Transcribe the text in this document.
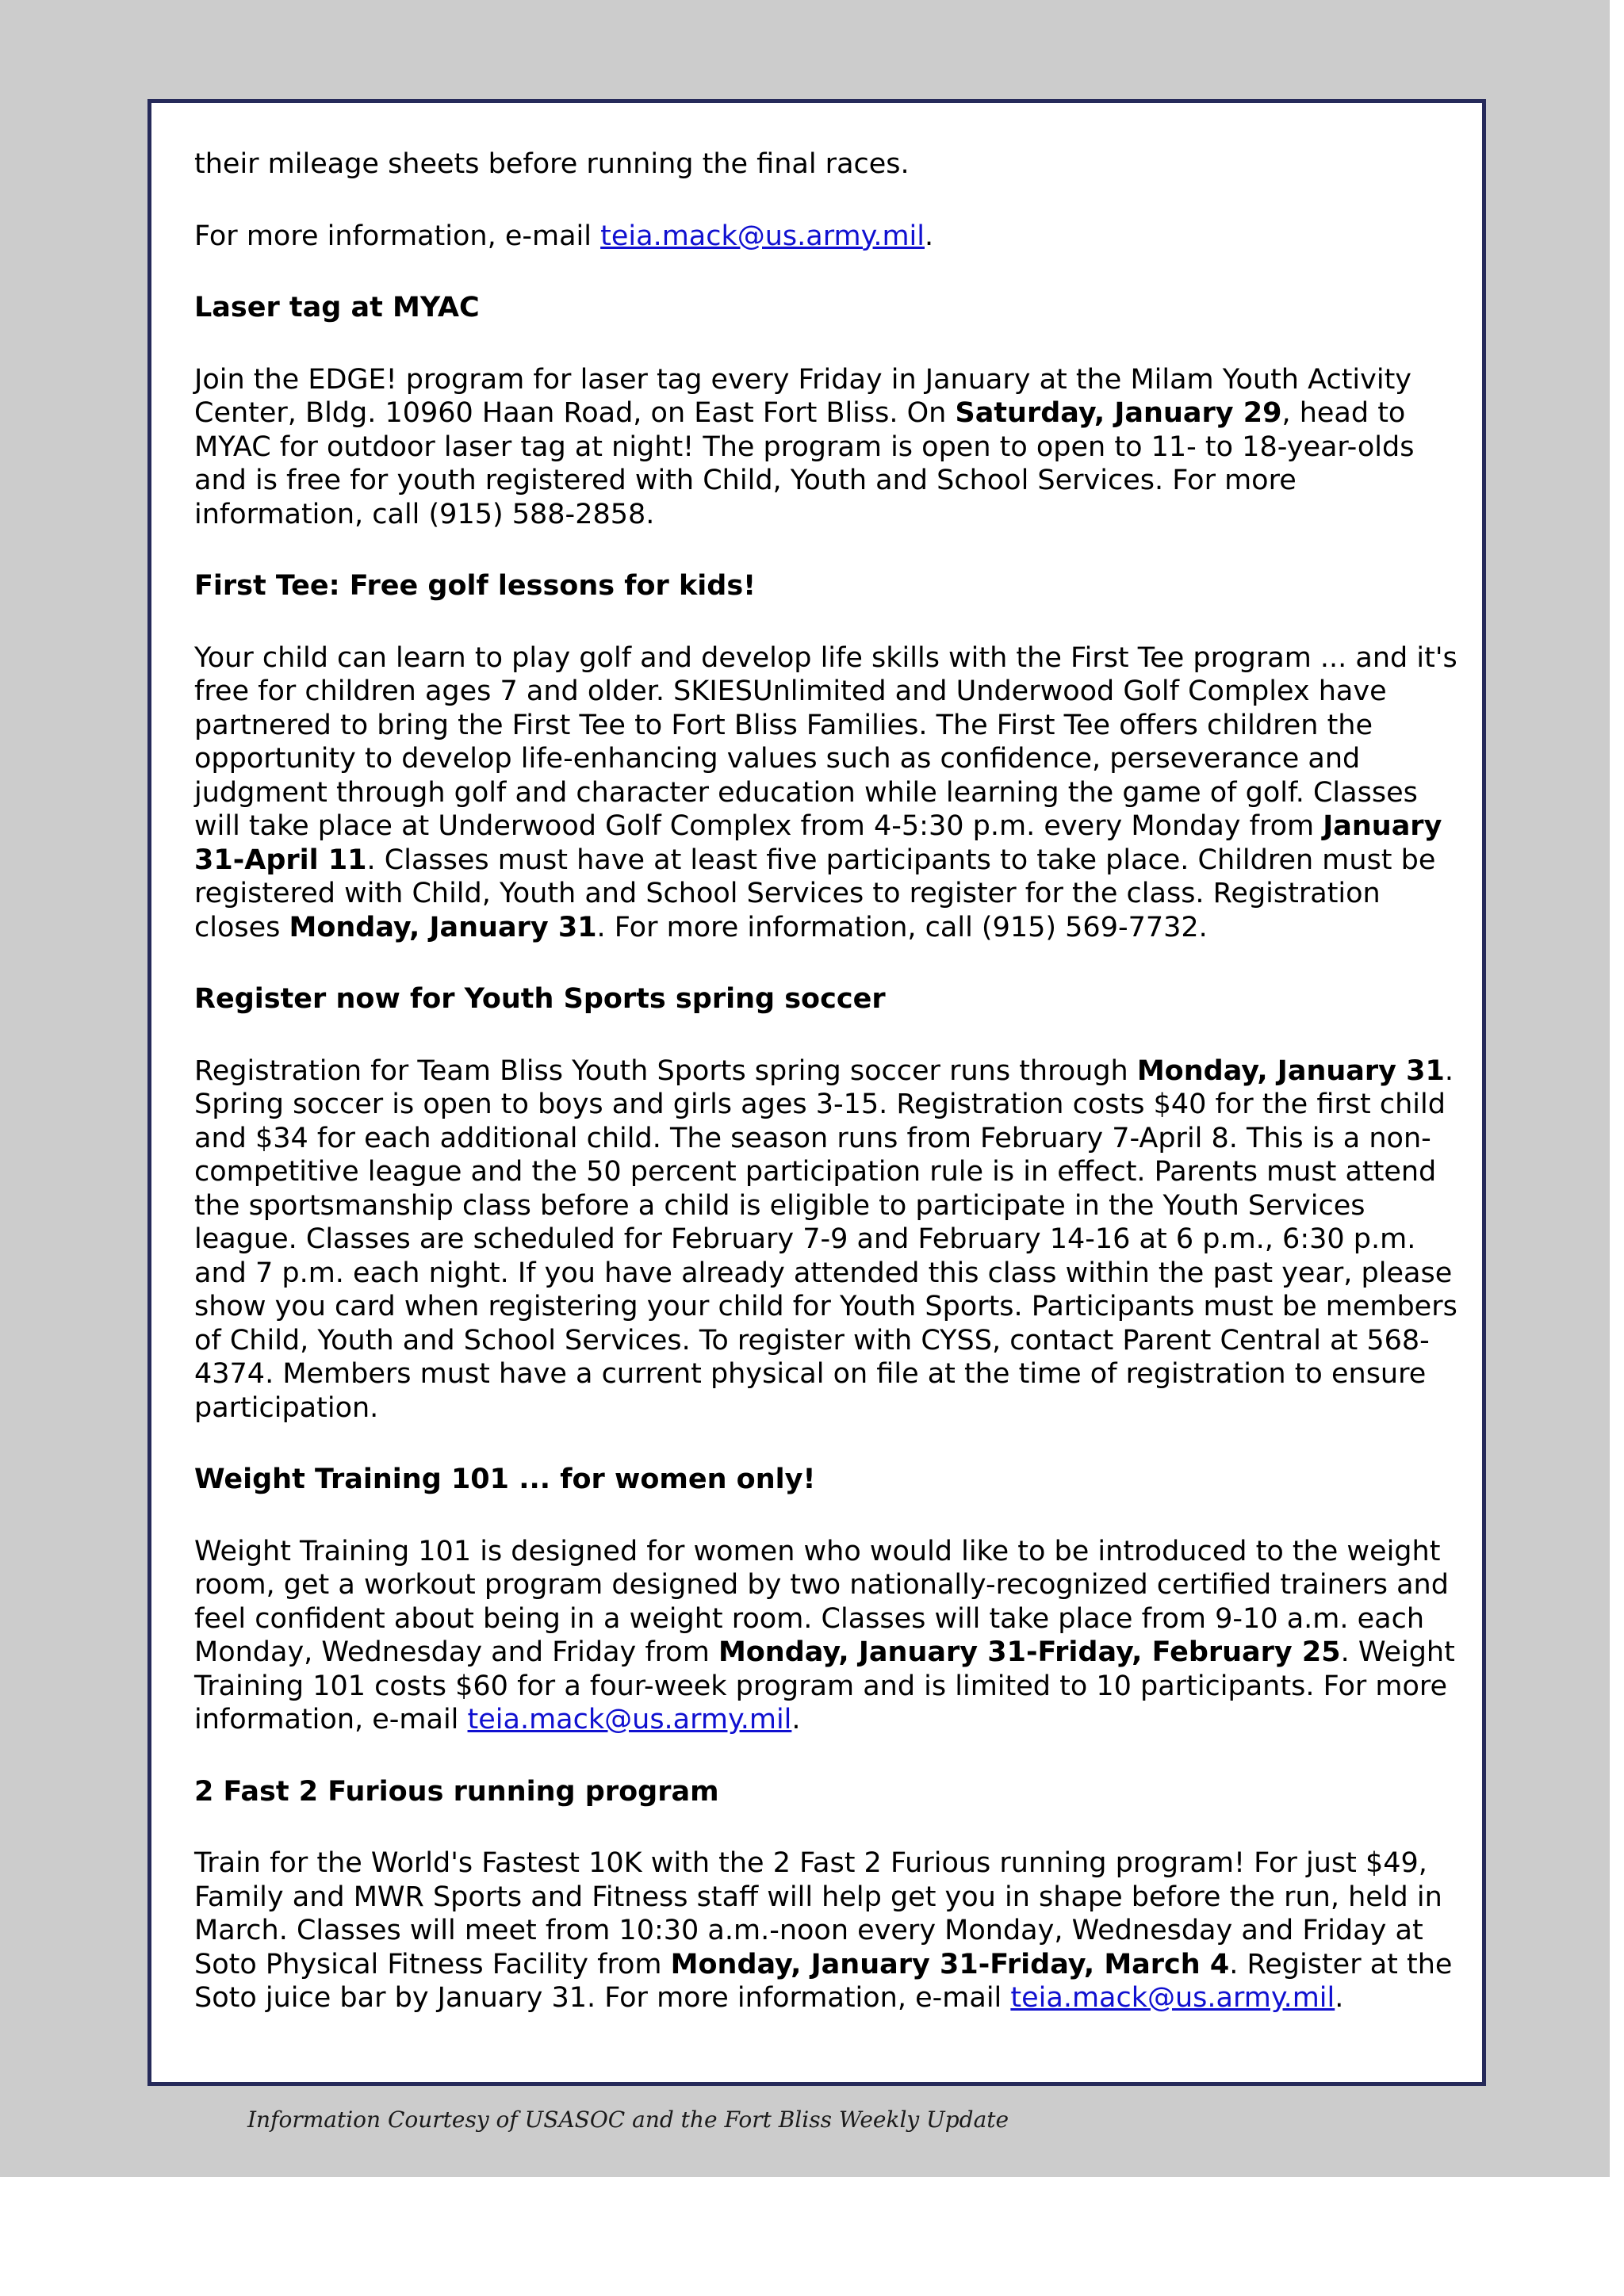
their mileage sheets before running the final races.

For more information, e-mail teia.mack@us.army.mil.

Laser tag at MYAC

Join the EDGE! program for laser tag every Friday in January at the Milam Youth Activity Center, Bldg. 10960 Haan Road, on East Fort Bliss. On Saturday, January 29, head to MYAC for outdoor laser tag at night! The program is open to open to 11- to 18-year-olds and is free for youth registered with Child, Youth and School Services. For more information, call (915) 588-2858.

First Tee: Free golf lessons for kids!

Your child can learn to play golf and develop life skills with the First Tee program ... and it's free for children ages 7 and older. SKIESUnlimited and Underwood Golf Complex have partnered to bring the First Tee to Fort Bliss Families. The First Tee offers children the opportunity to develop life-enhancing values such as confidence, perseverance and judgment through golf and character education while learning the game of golf. Classes will take place at Underwood Golf Complex from 4-5:30 p.m. every Monday from January 31-April 11. Classes must have at least five participants to take place. Children must be registered with Child, Youth and School Services to register for the class. Registration closes Monday, January 31. For more information, call (915) 569-7732.

Register now for Youth Sports spring soccer

Registration for Team Bliss Youth Sports spring soccer runs through Monday, January 31. Spring soccer is open to boys and girls ages 3-15. Registration costs $40 for the first child and $34 for each additional child. The season runs from February 7-April 8. This is a non-competitive league and the 50 percent participation rule is in effect. Parents must attend the sportsmanship class before a child is eligible to participate in the Youth Services league. Classes are scheduled for February 7-9 and February 14-16 at 6 p.m., 6:30 p.m. and 7 p.m. each night. If you have already attended this class within the past year, please show you card when registering your child for Youth Sports. Participants must be members of Child, Youth and School Services. To register with CYSS, contact Parent Central at 568-4374. Members must have a current physical on file at the time of registration to ensure participation.

Weight Training 101 ... for women only!

Weight Training 101 is designed for women who would like to be introduced to the weight room, get a workout program designed by two nationally-recognized certified trainers and feel confident about being in a weight room. Classes will take place from 9-10 a.m. each Monday, Wednesday and Friday from Monday, January 31-Friday, February 25. Weight Training 101 costs $60 for a four-week program and is limited to 10 participants. For more information, e-mail teia.mack@us.army.mil.

2 Fast 2 Furious running program

Train for the World's Fastest 10K with the 2 Fast 2 Furious running program! For just $49, Family and MWR Sports and Fitness staff will help get you in shape before the run, held in March. Classes will meet from 10:30 a.m.-noon every Monday, Wednesday and Friday at Soto Physical Fitness Facility from Monday, January 31-Friday, March 4. Register at the Soto juice bar by January 31. For more information, e-mail teia.mack@us.army.mil.

Information Courtesy of USASOC and the Fort Bliss Weekly Update
